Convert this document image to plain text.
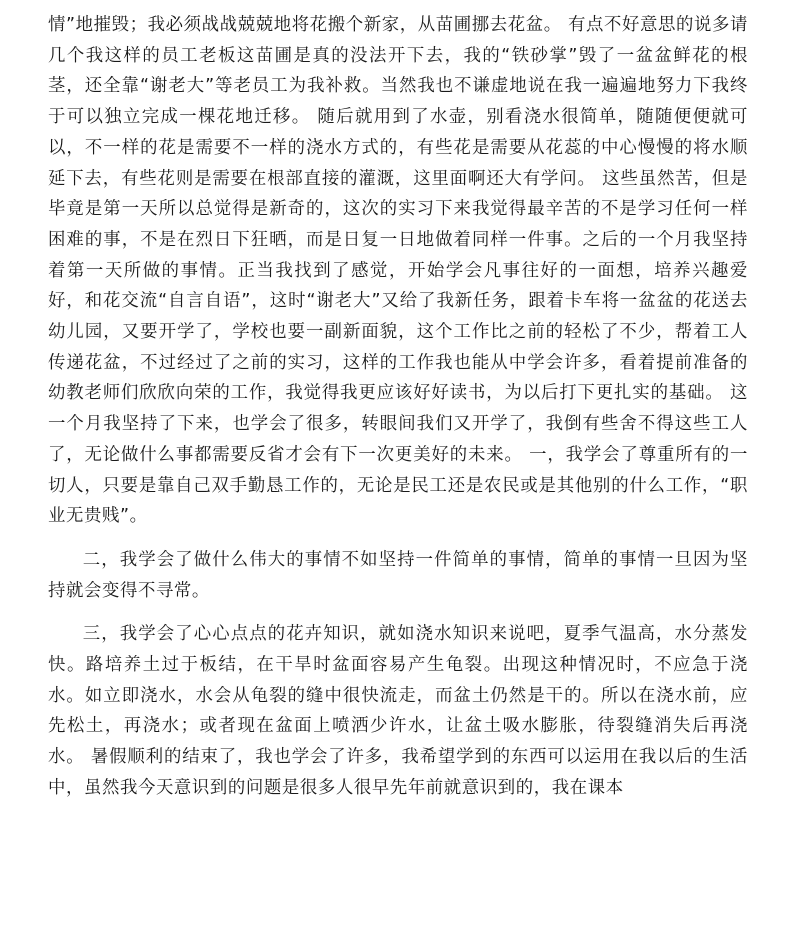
情”地摧毁；我必须战战兢兢地将花搬个新家，从苗圃挪去花盆。 有点不好意思的说多请几个我这样的员工老板这苗圃是真的没法开下去，我的“铁砂掌”毁了一盆盆鲜花的根茎，还全靠“谢老大”等老员工为我补救。当然我也不谦虚地说在我一遍遍地努力下我终于可以独立完成一棵花地迁移。 随后就用到了水壶，别看浇水很简单，随随便便就可以，不一样的花是需要不一样的浇水方式的，有些花是需要从花蕊的中心慢慢的将水顺延下去，有些花则是需要在根部直接的灌溉，这里面啊还大有学问。 这些虽然苦，但是毕竟是第一天所以总觉得是新奇的，这次的实习下来我觉得最辛苦的不是学习任何一样困难的事，不是在烈日下狂晒，而是日复一日地做着同样一件事。之后的一个月我坚持着第一天所做的事情。正当我找到了感觉，开始学会凡事往好的一面想，培养兴趣爱好，和花交流“自言自语”，这时“谢老大”又给了我新任务，跟着卡车将一盆盆的花送去幼儿园，又要开学了，学校也要一副新面貌，这个工作比之前的轻松了不少，帮着工人传递花盆，不过经过了之前的实习，这样的工作我也能从中学会许多，看着提前准备的幼教老师们欣欣向荣的工作，我觉得我更应该好好读书，为以后打下更扎实的基础。 这一个月我坚持了下来，也学会了很多，转眼间我们又开学了，我倒有些舍不得这些工人了，无论做什么事都需要反省才会有下一次更美好的未来。 一，我学会了尊重所有的一切人，只要是靠自己双手勤恳工作的，无论是民工还是农民或是其他别的什么工作，“职业无贵贱”。

二，我学会了做什么伟大的事情不如坚持一件简单的事情，简单的事情一旦因为坚持就会变得不寻常。

三，我学会了心心点点的花卉知识，就如浇水知识来说吧，夏季气温高，水分蒸发快。路培养土过于板结，在干旱时盆面容易产生龟裂。出现这种情况时，不应急于浇水。如立即浇水，水会从龟裂的缝中很快流走，而盆土仍然是干的。所以在浇水前，应先松土，再浇水；或者现在盆面上喷洒少许水，让盆土吸水膨胀，待裂缝消失后再浇水。 暑假顺利的结束了，我也学会了许多，我希望学到的东西可以运用在我以后的生活中，虽然我今天意识到的问题是很多人很早先年前就意识到的，我在课本
